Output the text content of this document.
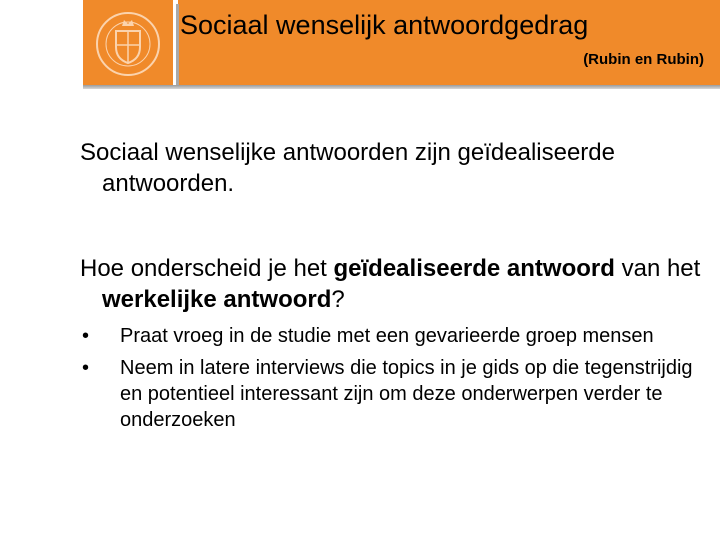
Sociaal wenselijk antwoordgedrag
(Rubin en Rubin)
Sociaal wenselijke antwoorden zijn geïdealiseerde antwoorden.
Hoe onderscheid je het geïdealiseerde antwoord van het werkelijke antwoord?
• Praat vroeg in de studie met een gevarieerde groep mensen
• Neem in latere interviews die topics in je gids op die tegenstrijdig en potentieel interessant zijn om deze onderwerpen verder te onderzoeken
